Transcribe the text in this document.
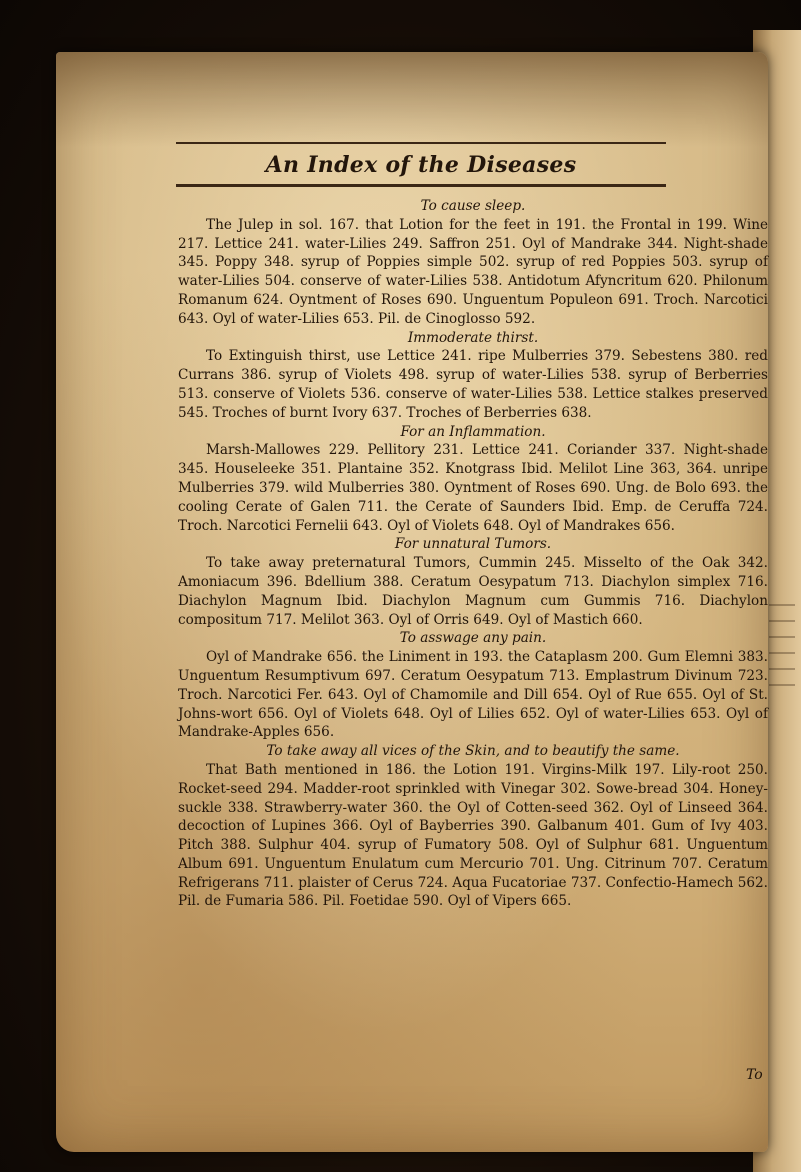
An Index of the Diseases

To cause sleep.

The Julep in sol. 167. that Lotion for the feet in 191. the Frontal in 199. Wine 217. Lettice 241. water-Lilies 249. Saffron 251. Oyl of Mandrake 344. Night-shade 345. Poppy 348. syrup of Poppies simple 502. syrup of red Poppies 503. syrup of water-Lilies 504. conserve of water-Lilies 538. Antidotum Afyncritum 620. Philonum Romanum 624. Oyntment of Roses 690. Unguentum Populeon 691. Troch. Narcotici 643. Oyl of water-Lilies 653. Pil. de Cinoglosso 592.

Immoderate thirst.

To Extinguish thirst, use Lettice 241. ripe Mulberries 379. Sebestens 380. red Currans 386. syrup of Violets 498. syrup of water-Lilies 538. syrup of Berberries 513. conserve of Violets 536. conserve of water-Lilies 538. Lettice stalkes preserved 545. Troches of burnt Ivory 637. Troches of Berberries 638.

For an Inflammation.

Marsh-Mallowes 229. Pellitory 231. Lettice 241. Coriander 337. Night-shade 345. Houseleeke 351. Plantaine 352. Knotgrass Ibid. Melilot Line 363, 364. unripe Mulberries 379. wild Mulberries 380. Oyntment of Roses 690. Ung. de Bolo 693. the cooling Cerate of Galen 711. the Cerate of Saunders Ibid. Emp. de Ceruffa 724. Troch. Narcotici Fernelii 643. Oyl of Violets 648. Oyl of Mandrakes 656.

For unnatural Tumors.

To take away preternatural Tumors, Cummin 245. Misselto of the Oak 342. Amoniacum 396. Bdellium 388. Ceratum Oesypatum 713. Diachylon simplex 716. Diachylon Magnum Ibid. Diachylon Magnum cum Gummis 716. Diachylon compositum 717. Melilot 363. Oyl of Orris 649. Oyl of Mastich 660.

To asswage any pain.

Oyl of Mandrake 656. the Liniment in 193. the Cataplasm 200. Gum Elemni 383. Unguentum Resumptivum 697. Ceratum Oesypatum 713. Emplastrum Divinum 723. Troch. Narcotici Fer. 643. Oyl of Chamomile and Dill 654. Oyl of Rue 655. Oyl of St. Johns-wort 656. Oyl of Violets 648. Oyl of Lilies 652. Oyl of water-Lilies 653. Oyl of Mandrake-Apples 656.

To take away all vices of the Skin, and to beautify the same.

That Bath mentioned in 186. the Lotion 191. Virgins-Milk 197. Lily-root 250. Rocket-seed 294. Madder-root sprinkled with Vinegar 302. Sowe-bread 304. Honey-suckle 338. Strawberry-water 360. the Oyl of Cotten-seed 362. Oyl of Linseed 364. decoction of Lupines 366. Oyl of Bayberries 390. Galbanum 401. Gum of Ivy 403. Pitch 388. Sulphur 404. syrup of Fumatory 508. Oyl of Sulphur 681. Unguentum Album 691. Unguentum Enulatum cum Mercurio 701. Ung. Citrinum 707. Ceratum Refrigerans 711. plaister of Cerus 724. Aqua Fucatoriae 737. Confectio-Hamech 562. Pil. de Fumaria 586. Pil. Foetidae 590. Oyl of Vipers 665.

To
